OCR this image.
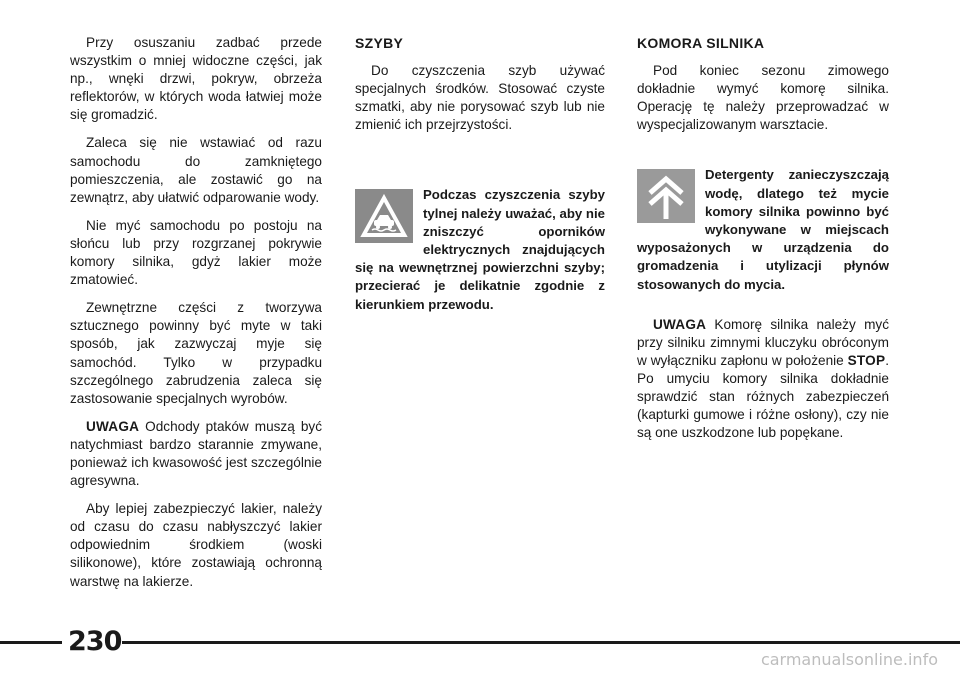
Przy osuszaniu zadbać przede wszystkim o mniej widoczne części, jak np., wnęki drzwi, pokryw, obrzeża reflektorów, w których woda łatwiej może się gromadzić.

Zaleca się nie wstawiać od razu samochodu do zamkniętego pomieszczenia, ale zostawić go na zewnątrz, aby ułatwić odparowanie wody.

Nie myć samochodu po postoju na słońcu lub przy rozgrzanej pokrywie komory silnika, gdyż lakier może zmatowieć.

Zewnętrzne części z tworzywa sztucznego powinny być myte w taki sposób, jak zazwyczaj myje się samochód. Tylko w przypadku szczególnego zabrudzenia zaleca się zastosowanie specjalnych wyrobów.

UWAGA Odchody ptaków muszą być natychmiast bardzo starannie zmywane, ponieważ ich kwasowość jest szczególnie agresywna.

Aby lepiej zabezpieczyć lakier, należy od czasu do czasu nabłyszczyć lakier odpowiednim środkiem (woski silikonowe), które zostawiają ochronną warstwę na lakierze.

SZYBY

Do czyszczenia szyb używać specjalnych środków. Stosować czyste szmatki, aby nie porysować szyb lub nie zmienić ich przejrzystości.

Podczas czyszczenia szyby tylnej należy uważać, aby nie zniszczyć oporników elektrycznych znajdujących się na wewnętrznej powierzchni szyby; przecierać je delikatnie zgodnie z kierunkiem przewodu.

KOMORA SILNIKA

Pod koniec sezonu zimowego dokładnie wymyć komorę silnika. Operację tę należy przeprowadzać w wyspecjalizowanym warsztacie.

Detergenty zanieczyszczają wodę, dlatego też mycie komory silnika powinno być wykonywane w miejscach wyposażonych w urządzenia do gromadzenia i utylizacji płynów stosowanych do mycia.

UWAGA Komorę silnika należy myć przy silniku zimnymi kluczyku obróconym w wyłączniku zapłonu w położenie STOP. Po umyciu komory silnika dokładnie sprawdzić stan różnych zabezpieczeń (kapturki gumowe i różne osłony), czy nie są one uszkodzone lub popękane.

230
carmanualsonline.info
